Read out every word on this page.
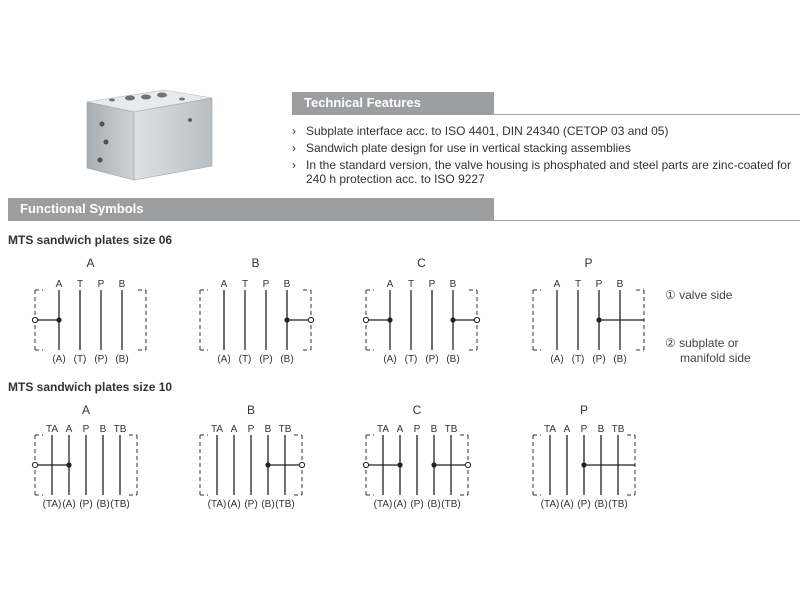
Technical Features
› Subplate interface acc. to ISO 4401, DIN 24340 (CETOP 03 and 05)
› Sandwich plate design for use in vertical stacking assemblies
› In the standard version, the valve housing is phosphated and steel parts are zinc-coated for 240 h protection acc. to ISO 9227
Functional Symbols
MTS sandwich plates size 06
MTS sandwich plates size 10
A
A T P B
(A) (T) (P) (B)
B
A T P B
(A) (T) (P) (B)
C
A T P B
(A) (T) (P) (B)
P
A T P B
(A) (T) (P) (B)
A
TA A P B TB
(TA) (A) (P) (B) (TB)
B
TA A P B TB
(TA) (A) (P) (B) (TB)
C
TA A P B TB
(TA) (A) (P) (B) (TB)
P
TA A P B TB
(TA) (A) (P) (B) (TB)
① valve side
② subplate or
manifold side
